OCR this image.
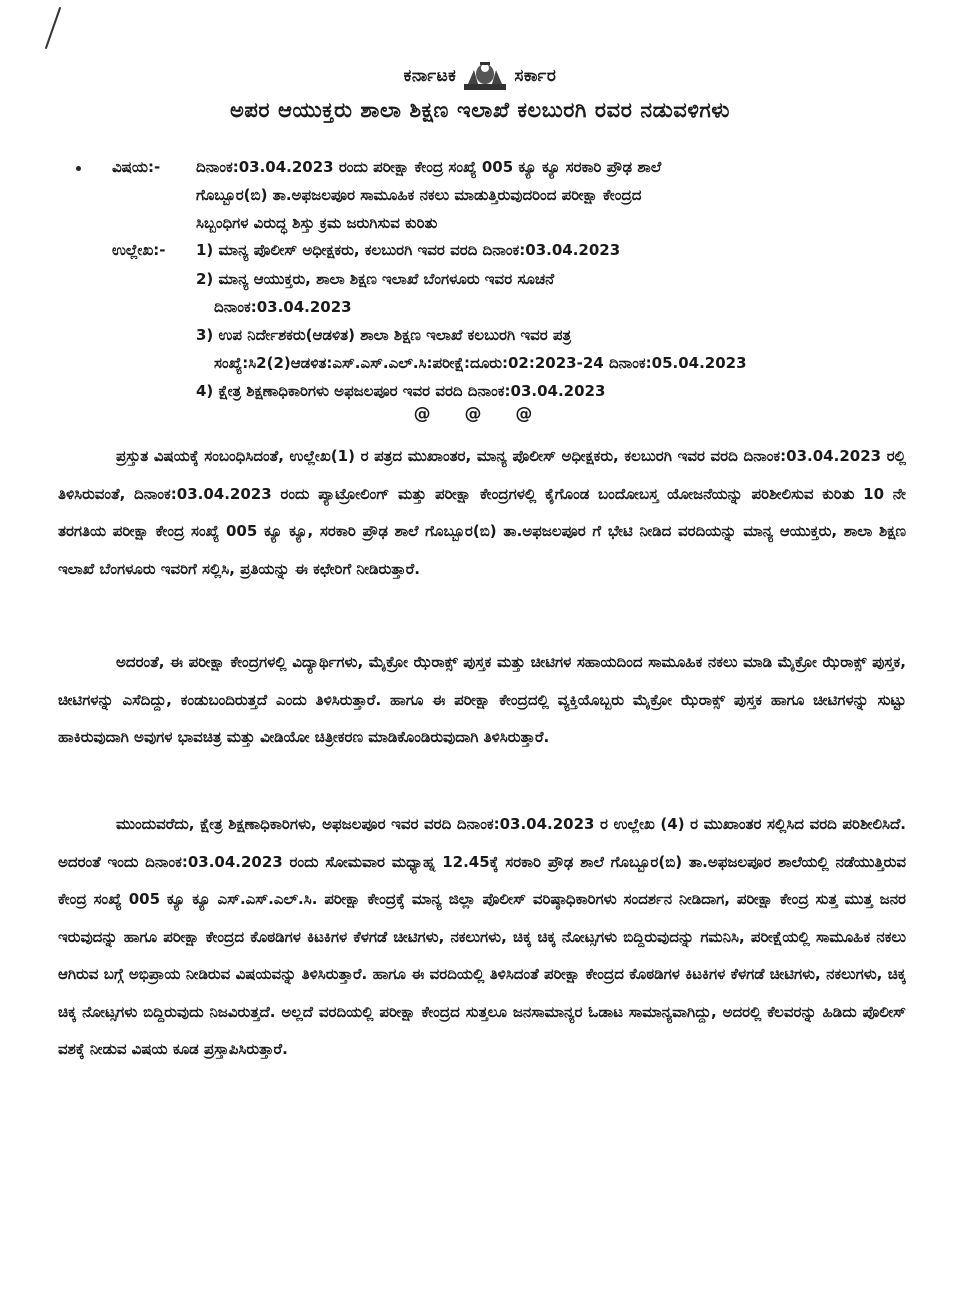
ಕರ್ನಾಟಕ	ಸರ್ಕಾರ
ಅಪರ ಆಯುಕ್ತರು ಶಾಲಾ ಶಿಕ್ಷಣ ಇಲಾಖೆ ಕಲಬುರಗಿ ರವರ ನಡುವಳಿಗಳು
ವಿಷಯ:- ದಿನಾಂಕ:03.04.2023 ರಂದು ಪರೀಕ್ಷಾ ಕೇಂದ್ರ ಸಂಖ್ಯೆ 005 ಕ್ಯೂ ಕ್ಯೂ ಸರಕಾರಿ ಪ್ರೌಢ ಶಾಲೆ
ಗೊಬ್ಬೂರ(ಬಿ) ತಾ.ಅಫಜಲಪೂರ ಸಾಮೂಹಿಕ ನಕಲು ಮಾಡುತ್ತಿರುವುದರಿಂದ ಪರೀಕ್ಷಾ ಕೇಂದ್ರದ
ಸಿಬ್ಬಂಧಿಗಳ ವಿರುದ್ಧ ಶಿಸ್ತು ಕ್ರಮ ಜರುಗಿಸುವ ಕುರಿತು
ಉಲ್ಲೇಖ:- 1) ಮಾನ್ಯ ಪೊಲೀಸ್ ಅಧೀಕ್ಷಕರು, ಕಲಬುರಗಿ ಇವರ ವರದಿ ದಿನಾಂಕ:03.04.2023
2) ಮಾನ್ಯ ಆಯುಕ್ತರು, ಶಾಲಾ ಶಿಕ್ಷಣ ಇಲಾಖೆ ಬೆಂಗಳೂರು ಇವರ ಸೂಚನೆ
ದಿನಾಂಕ:03.04.2023
3) ಉಪ ನಿರ್ದೇಶಕರು(ಆಡಳಿತ) ಶಾಲಾ ಶಿಕ್ಷಣ ಇಲಾಖೆ ಕಲಬುರಗಿ ಇವರ ಪತ್ರ
ಸಂಖ್ಯೆ:ಸಿ2(2)ಆಡಳಿತ:ಎಸ್.ಎಸ್.ಎಲ್.ಸಿ:ಪರೀಕ್ಷೆ:ದೂರು:02:2023-24 ದಿನಾಂಕ:05.04.2023
4) ಕ್ಷೇತ್ರ ಶಿಕ್ಷಣಾಧಿಕಾರಿಗಳು ಅಫಜಲಪೂರ ಇವರ ವರದಿ ದಿನಾಂಕ:03.04.2023
@ @ @
ಪ್ರಸ್ತುತ ವಿಷಯಕ್ಕೆ ಸಂಬಂಧಿಸಿದಂತೆ, ಉಲ್ಲೇಖ(1) ರ ಪತ್ರದ ಮುಖಾಂತರ, ಮಾನ್ಯ ಪೊಲೀಸ್ ಅಧೀಕ್ಷಕರು, ಕಲಬುರಗಿ ಇವರ ವರದಿ ದಿನಾಂಕ:03.04.2023 ರಲ್ಲಿ ತಿಳಿಸಿರುವಂತೆ, ದಿನಾಂಕ:03.04.2023 ರಂದು ಪ್ಯಾಟ್ರೋಲಿಂಗ್ ಮತ್ತು ಪರೀಕ್ಷಾ ಕೇಂದ್ರಗಳಲ್ಲಿ ಕೈಗೊಂಡ ಬಂದೋಬಸ್ತ ಯೋಜನೆಯನ್ನು ಪರಿಶೀಲಿಸುವ ಕುರಿತು 10 ನೇ ತರಗತಿಯ ಪರೀಕ್ಷಾ ಕೇಂದ್ರ ಸಂಖ್ಯೆ 005 ಕ್ಯೂ ಕ್ಯೂ, ಸರಕಾರಿ ಪ್ರೌಢ ಶಾಲೆ ಗೊಬ್ಬೂರ(ಬಿ) ತಾ.ಅಫಜಲಪೂರ ಗೆ ಭೇಟಿ ನೀಡಿದ ವರದಿಯನ್ನು ಮಾನ್ಯ ಆಯುಕ್ತರು, ಶಾಲಾ ಶಿಕ್ಷಣ ಇಲಾಖೆ ಬೆಂಗಳೂರು ಇವರಿಗೆ ಸಲ್ಲಿಸಿ, ಪ್ರತಿಯನ್ನು ಈ ಕಛೇರಿಗೆ ನೀಡಿರುತ್ತಾರೆ.
ಅದರಂತೆ, ಈ ಪರೀಕ್ಷಾ ಕೇಂದ್ರಗಳಲ್ಲಿ ವಿದ್ಯಾರ್ಥಿಗಳು, ಮೈಕ್ರೋ ಝೆರಾಕ್ಸ್ ಪುಸ್ತಕ ಮತ್ತು ಚೀಟಿಗಳ ಸಹಾಯದಿಂದ ಸಾಮೂಹಿಕ ನಕಲು ಮಾಡಿ ಮೈಕ್ರೋ ಝೆರಾಕ್ಸ್ ಪುಸ್ತಕ, ಚೀಟಿಗಳನ್ನು ಎಸೆದಿದ್ದು, ಕಂಡುಬಂದಿರುತ್ತದೆ ಎಂದು ತಿಳಿಸಿರುತ್ತಾರೆ. ಹಾಗೂ ಈ ಪರೀಕ್ಷಾ ಕೇಂದ್ರದಲ್ಲಿ ವ್ಯಕ್ತಿಯೊಬ್ಬರು ಮೈಕ್ರೋ ಝೆರಾಕ್ಸ್ ಪುಸ್ತಕ ಹಾಗೂ ಚೀಟಿಗಳನ್ನು ಸುಟ್ಟು ಹಾಕಿರುವುದಾಗಿ ಅವುಗಳ ಭಾವಚಿತ್ರ ಮತ್ತು ವೀಡಿಯೋ ಚಿತ್ರೀಕರಣ ಮಾಡಿಕೊಂಡಿರುವುದಾಗಿ ತಿಳಿಸಿರುತ್ತಾರೆ.
ಮುಂದುವರೆದು, ಕ್ಷೇತ್ರ ಶಿಕ್ಷಣಾಧಿಕಾರಿಗಳು, ಅಫಜಲಪೂರ ಇವರ ವರದಿ ದಿನಾಂಕ:03.04.2023 ರ ಉಲ್ಲೇಖ (4) ರ ಮುಖಾಂತರ ಸಲ್ಲಿಸಿದ ವರದಿ ಪರಿಶೀಲಿಸಿದೆ. ಅದರಂತೆ ಇಂದು ದಿನಾಂಕ:03.04.2023 ರಂದು ಸೋಮವಾರ ಮಧ್ಯಾಹ್ನ 12.45ಕ್ಕೆ ಸರಕಾರಿ ಪ್ರೌಢ ಶಾಲೆ ಗೊಬ್ಬೂರ(ಬಿ) ತಾ.ಅಫಜಲಪೂರ ಶಾಲೆಯಲ್ಲಿ ನಡೆಯುತ್ತಿರುವ ಕೇಂದ್ರ ಸಂಖ್ಯೆ 005 ಕ್ಯೂ ಕ್ಯೂ ಎಸ್.ಎಸ್.ಎಲ್.ಸಿ. ಪರೀಕ್ಷಾ ಕೇಂದ್ರಕ್ಕೆ ಮಾನ್ಯ ಜಿಲ್ಲಾ ಪೊಲೀಸ್ ವರಿಷ್ಠಾಧಿಕಾರಿಗಳು ಸಂದರ್ಶನ ನೀಡಿದಾಗ, ಪರೀಕ್ಷಾ ಕೇಂದ್ರ ಸುತ್ತ ಮುತ್ತ ಜನರ ಇರುವುದನ್ನು ಹಾಗೂ ಪರೀಕ್ಷಾ ಕೇಂದ್ರದ ಕೊಠಡಿಗಳ ಕಿಟಕಿಗಳ ಕೆಳಗಡೆ ಚೀಟಿಗಳು, ನಕಲುಗಳು, ಚಿಕ್ಕ ಚಿಕ್ಕ ನೋಟ್ಸಗಳು ಬಿದ್ದಿರುವುದನ್ನು ಗಮನಿಸಿ, ಪರೀಕ್ಷೆಯಲ್ಲಿ ಸಾಮೂಹಿಕ ನಕಲು ಆಗಿರುವ ಬಗ್ಗೆ ಅಭಿಪ್ರಾಯ ನೀಡಿರುವ ವಿಷಯವನ್ನು ತಿಳಿಸಿರುತ್ತಾರೆ. ಹಾಗೂ ಈ ವರದಿಯಲ್ಲಿ ತಿಳಿಸಿದಂತೆ ಪರೀಕ್ಷಾ ಕೇಂದ್ರದ ಕೊಠಡಿಗಳ ಕಿಟಕಿಗಳ ಕೆಳಗಡೆ ಚೀಟಿಗಳು, ನಕಲುಗಳು, ಚಿಕ್ಕ ಚಿಕ್ಕ ನೋಟ್ಸಗಳು ಬಿದ್ದಿರುವುದು ನಿಜವಿರುತ್ತದೆ. ಅಲ್ಲದೆ ವರದಿಯಲ್ಲಿ ಪರೀಕ್ಷಾ ಕೇಂದ್ರದ ಸುತ್ತಲೂ ಜನಸಾಮಾನ್ಯರ ಓಡಾಟ ಸಾಮಾನ್ಯವಾಗಿದ್ದು, ಅದರಲ್ಲಿ ಕೆಲವರನ್ನು ಹಿಡಿದು ಪೊಲೀಸ್ ವಶಕ್ಕೆ ನೀಡುವ ವಿಷಯ ಕೂಡ ಪ್ರಸ್ತಾಪಿಸಿರುತ್ತಾರೆ.
